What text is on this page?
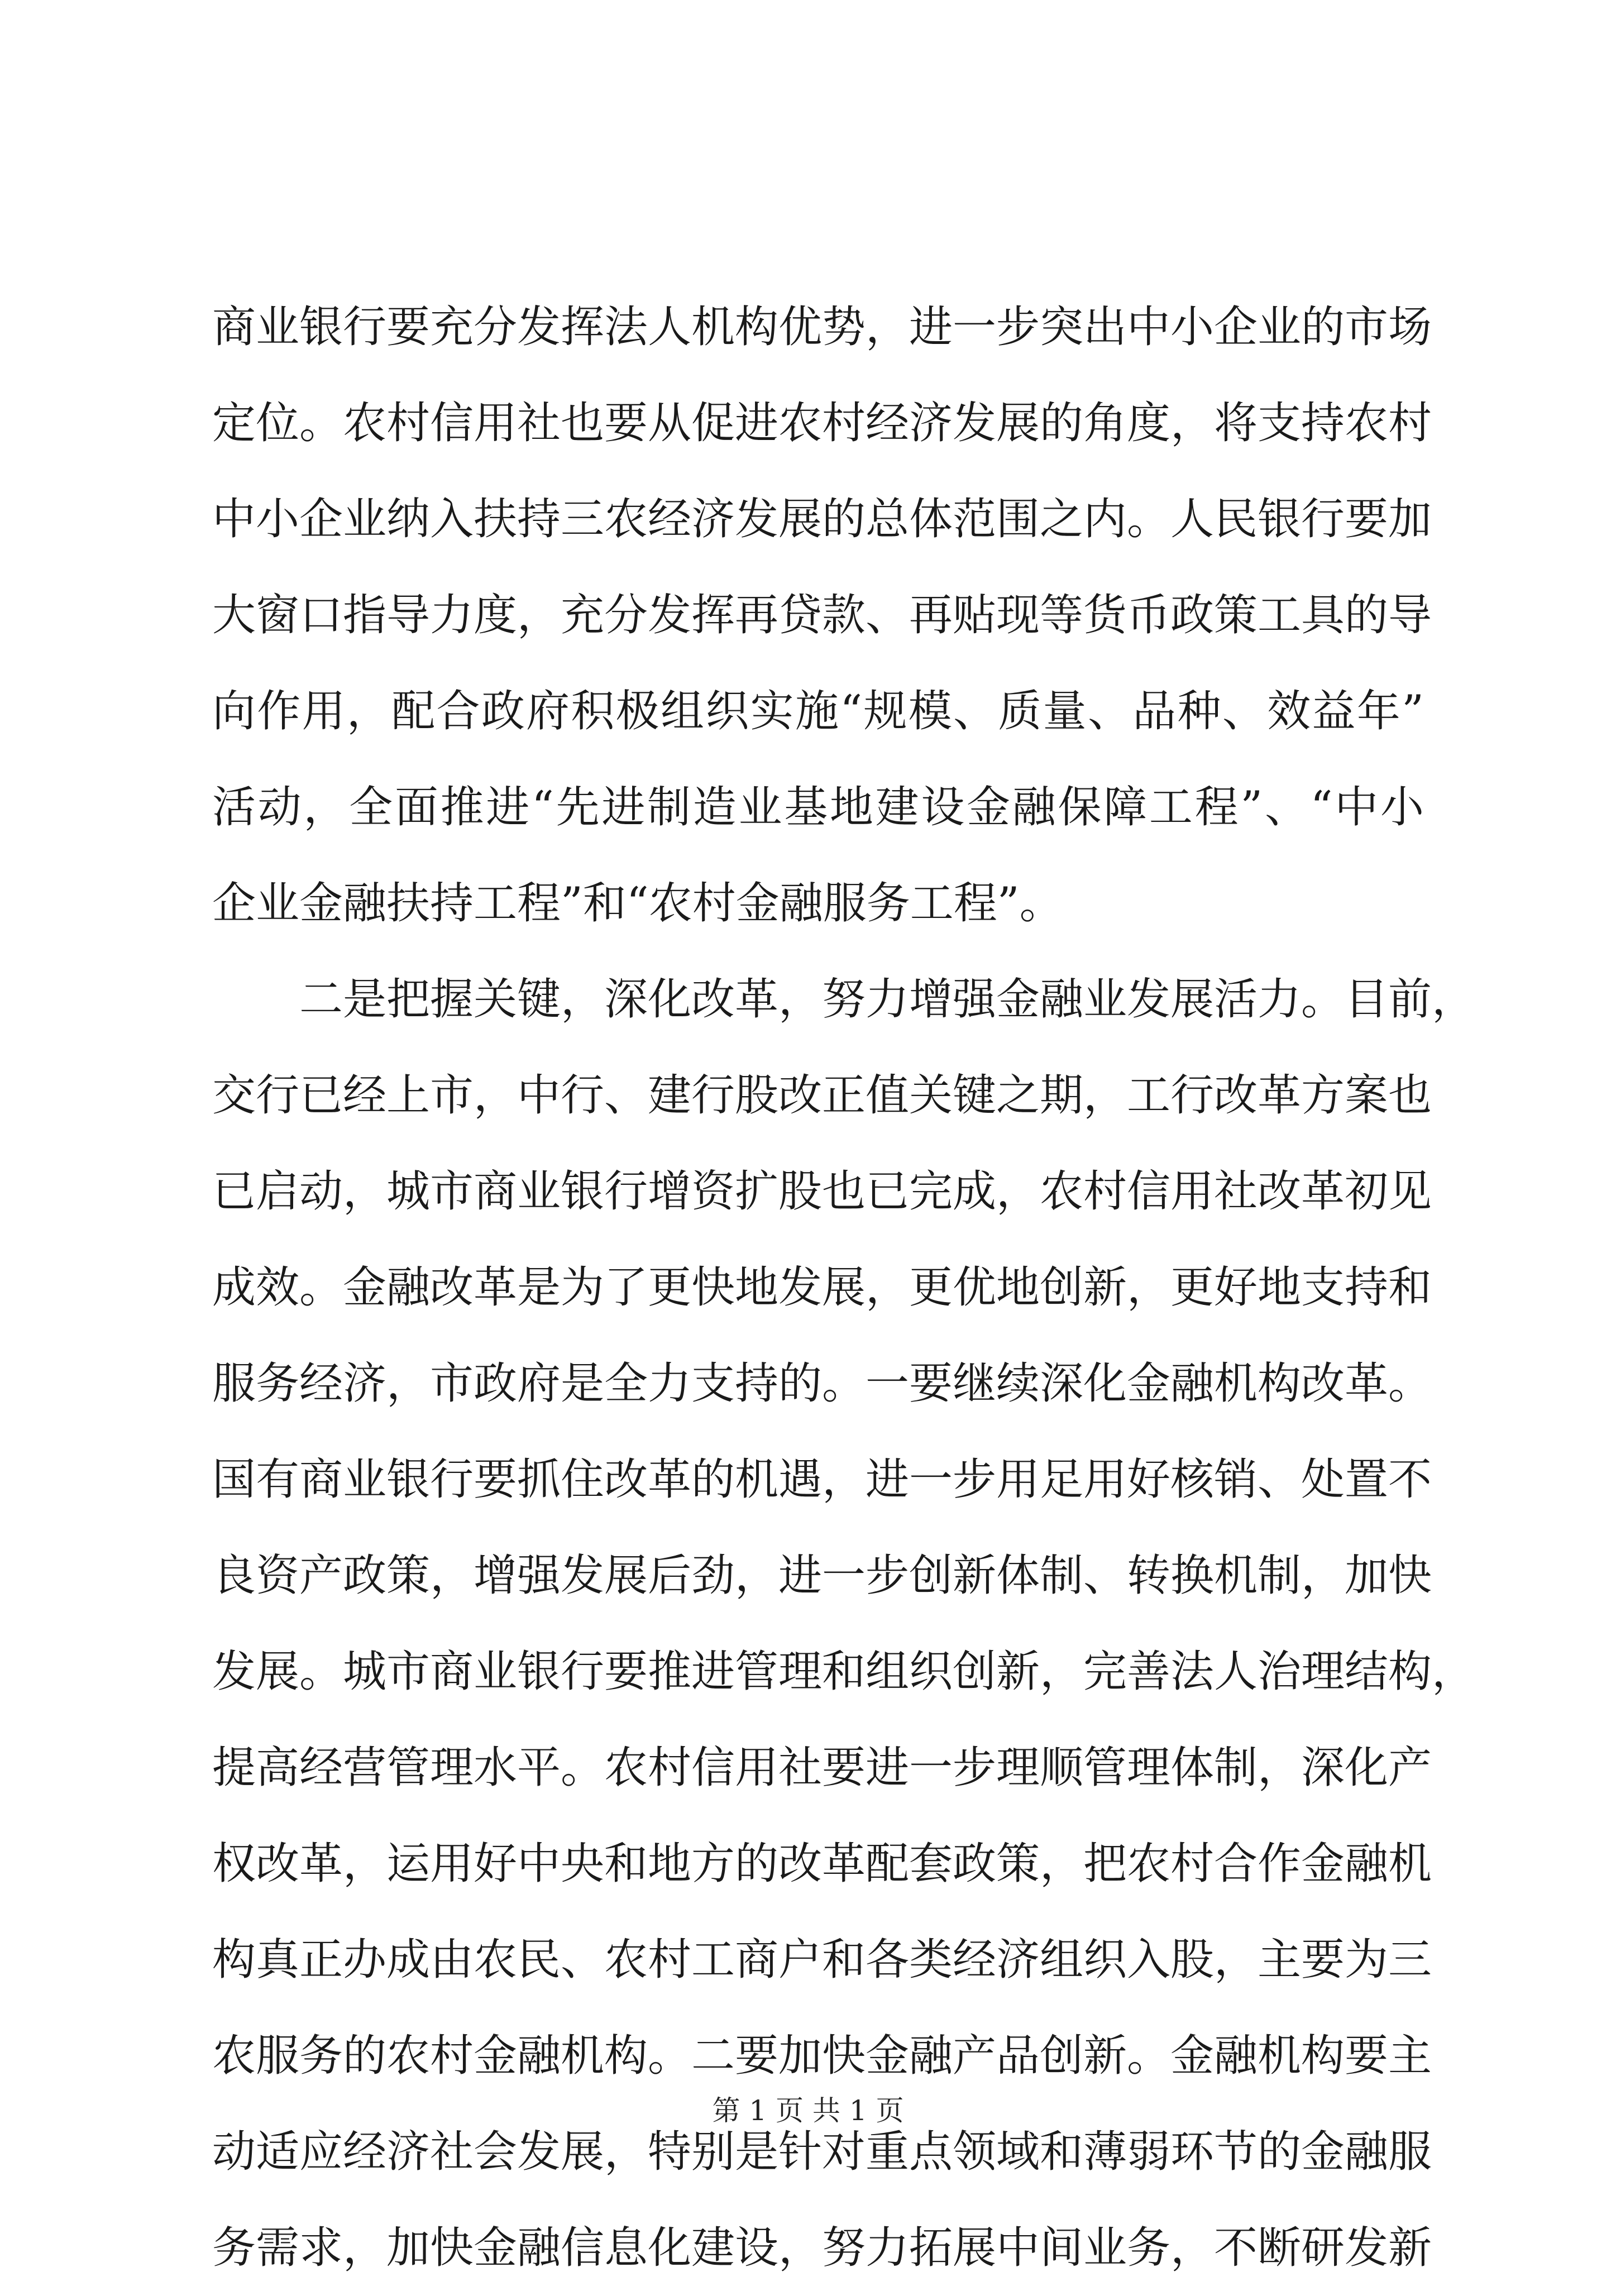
商业银行要充分发挥法人机构优势，进一步突出中小企业的市场
定位。农村信用社也要从促进农村经济发展的角度，将支持农村
中小企业纳入扶持三农经济发展的总体范围之内。人民银行要加
大窗口指导力度，充分发挥再贷款、再贴现等货币政策工具的导
向作用，配合政府积极组织实施“规模、质量、品种、效益年”
活动，全面推进“先进制造业基地建设金融保障工程”、“中小
企业金融扶持工程”和“农村金融服务工程”。
二是把握关键，深化改革，努力增强金融业发展活力。目前，
交行已经上市，中行、建行股改正值关键之期，工行改革方案也
已启动，城市商业银行增资扩股也已完成，农村信用社改革初见
成效。金融改革是为了更快地发展，更优地创新，更好地支持和
服务经济，市政府是全力支持的。一要继续深化金融机构改革。
国有商业银行要抓住改革的机遇，进一步用足用好核销、处置不
良资产政策，增强发展后劲，进一步创新体制、转换机制，加快
发展。城市商业银行要推进管理和组织创新，完善法人治理结构，
提高经营管理水平。农村信用社要进一步理顺管理体制，深化产
权改革，运用好中央和地方的改革配套政策，把农村合作金融机
构真正办成由农民、农村工商户和各类经济组织入股，主要为三
农服务的农村金融机构。二要加快金融产品创新。金融机构要主
动适应经济社会发展，特别是针对重点领域和薄弱环节的金融服
务需求，加快金融信息化建设，努力拓展中间业务，不断研发新
第 1 页 共 1 页
